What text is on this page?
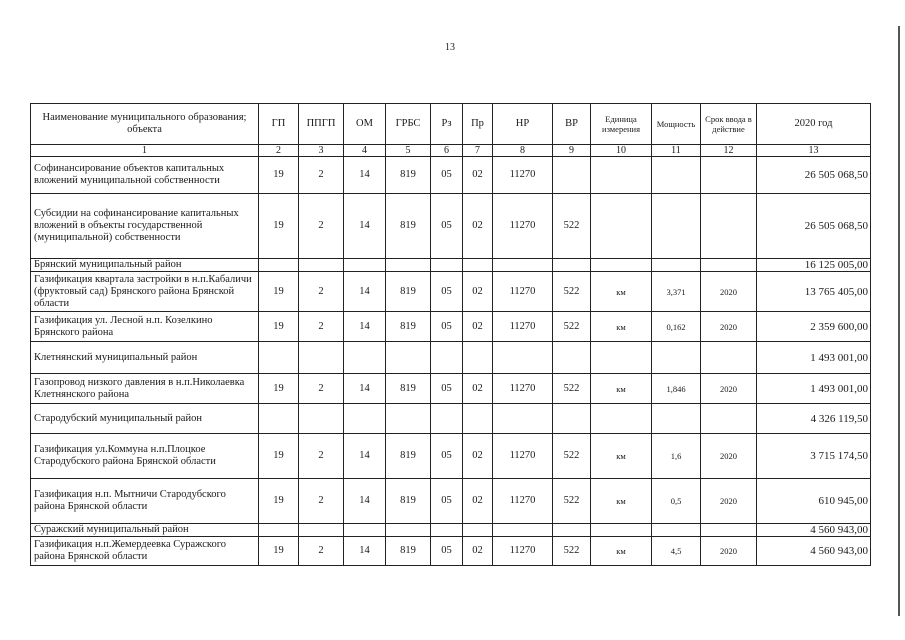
13
Наименование муниципального образования; объекта	ГП	ППГП	ОМ	ГРБС	Рз	Пр	НР	ВР	Единица измерения	Мощность	Срок ввода в действие	2020 год
1	2	3	4	5	6	7	8	9	10	11	12	13
Софинансирование объектов капитальных вложений муниципальной собственности	19	2	14	819	05	02	11270					26 505 068,50
Субсидии на софинансирование капитальных вложений в объекты государственной (муниципальной) собственности	19	2	14	819	05	02	11270	522				26 505 068,50
Брянский муниципальный район												16 125 005,00
Газификация квартала застройки в н.п.Кабаличи (фруктовый сад) Брянского района Брянской области	19	2	14	819	05	02	11270	522	км	3,371	2020	13 765 405,00
Газификация ул. Лесной н.п. Козелкино Брянского района	19	2	14	819	05	02	11270	522	км	0,162	2020	2 359 600,00
Клетнянский муниципальный район												1 493 001,00
Газопровод низкого давления в н.п.Николаевка Клетнянского района	19	2	14	819	05	02	11270	522	км	1,846	2020	1 493 001,00
Стародубский муниципальный район												4 326 119,50
Газификация ул.Коммуна н.п.Плоцкое Стародубского района Брянской области	19	2	14	819	05	02	11270	522	км	1,6	2020	3 715 174,50
Газификация н.п. Мытничи Стародубского района Брянской области	19	2	14	819	05	02	11270	522	км	0,5	2020	610 945,00
Суражский муниципальный район												4 560 943,00
Газификация н.п.Жемердеевка Суражского района Брянской области	19	2	14	819	05	02	11270	522	км	4,5	2020	4 560 943,00
